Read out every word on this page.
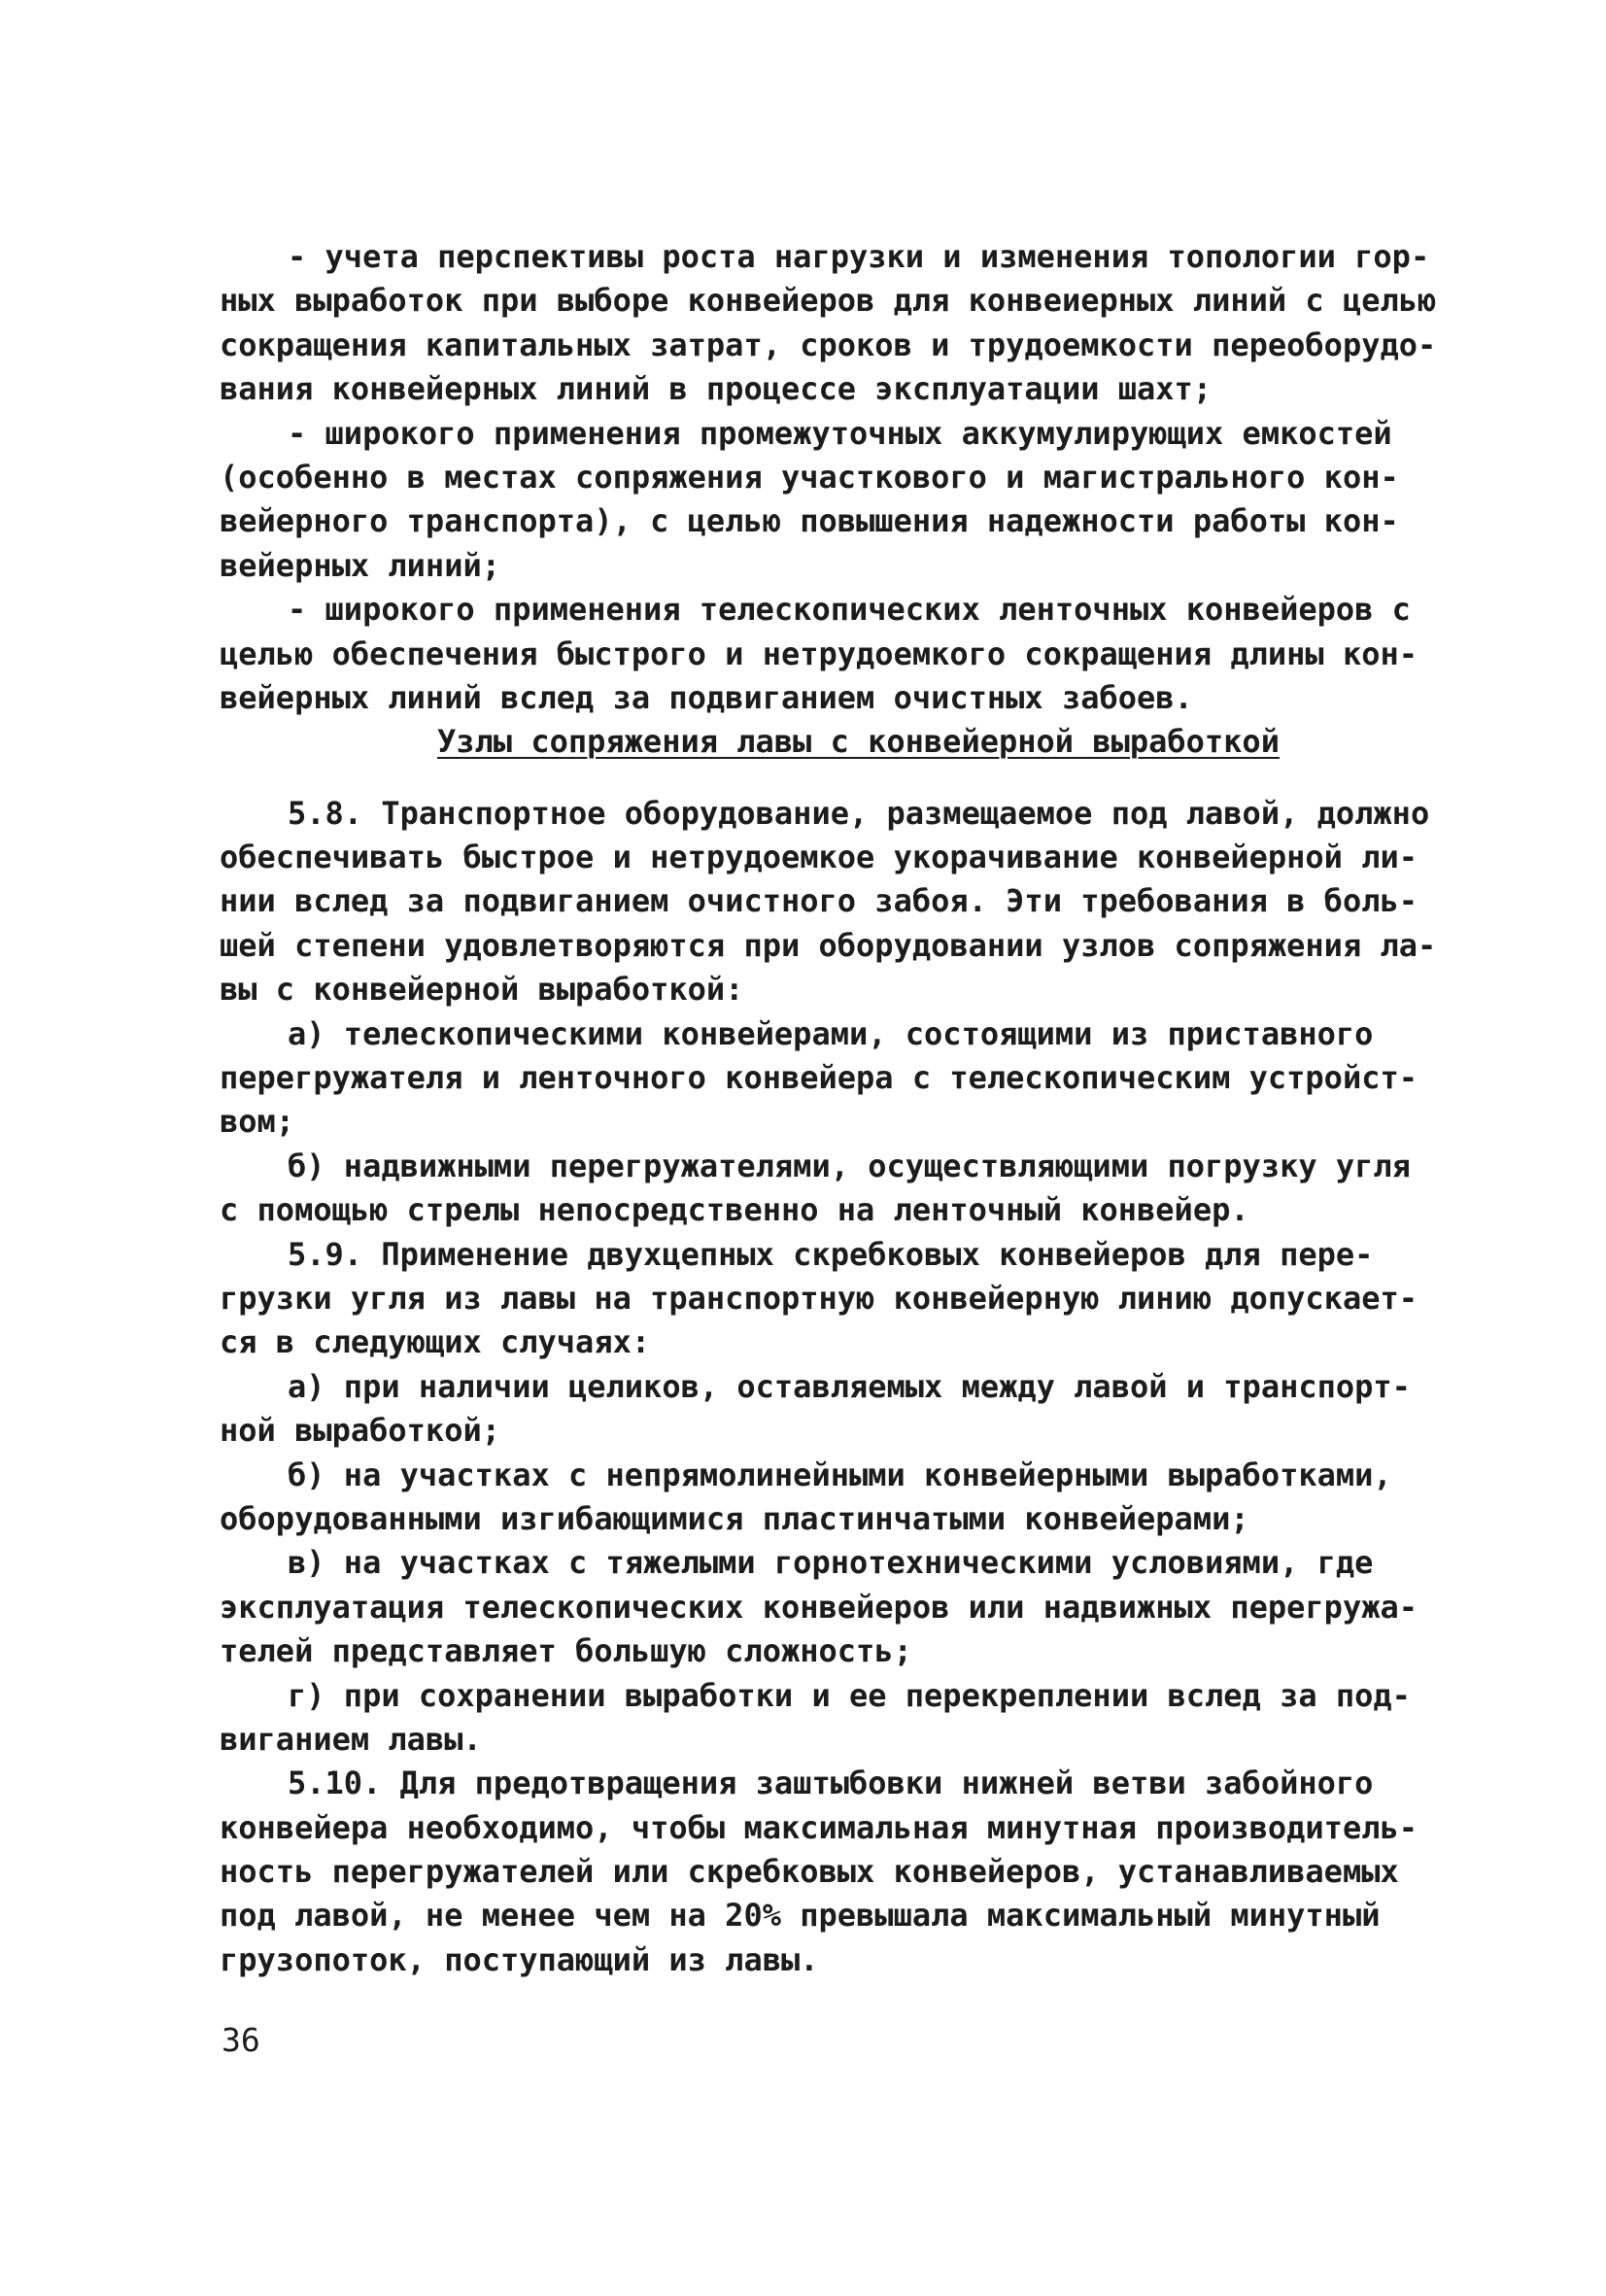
- учета перспективы роста нагрузки и изменения топологии гор-
ных выработок при выборе конвейеров для конвеиерных линий с целью
сокращения капитальных затрат, сроков и трудоемкости переоборудо-
вания конвейерных линий в процессе эксплуатации шахт;
- широкого применения промежуточных аккумулирующих емкостей
(особенно в местах сопряжения участкового и магистрального кон-
вейерного транспорта), с целью повышения надежности работы кон-
вейерных линий;
- широкого применения телескопических ленточных конвейеров с
целью обеспечения быстрого и нетрудоемкого сокращения длины кон-
вейерных линий вслед за подвиганием очистных забоев.
Узлы сопряжения лавы с конвейерной выработкой
5.8. Транспортное оборудование, размещаемое под лавой, должно
обеспечивать быстрое и нетрудоемкое укорачивание конвейерной ли-
нии вслед за подвиганием очистного забоя. Эти требования в боль-
шей степени удовлетворяются при оборудовании узлов сопряжения ла-
вы с конвейерной выработкой:
а) телескопическими конвейерами, состоящими из приставного
перегружателя и ленточного конвейера с телескопическим устройст-
вом;
б) надвижными перегружателями, осуществляющими погрузку угля
с помощью стрелы непосредственно на ленточный конвейер.
5.9. Применение двухцепных скребковых конвейеров для пере-
грузки угля из лавы на транспортную конвейерную линию допускает-
ся в следующих случаях:
а) при наличии целиков, оставляемых между лавой и транспорт-
ной выработкой;
б) на участках с непрямолинейными конвейерными выработками,
оборудованными изгибающимися пластинчатыми конвейерами;
в) на участках с тяжелыми горнотехническими условиями, где
эксплуатация телескопических конвейеров или надвижных перегружа-
телей представляет большую сложность;
г) при сохранении выработки и ее перекреплении вслед за под-
виганием лавы.
5.10. Для предотвращения заштыбовки нижней ветви забойного
конвейера необходимо, чтобы максимальная минутная производитель-
ность перегружателей или скребковых конвейеров, устанавливаемых
под лавой, не менее чем на 20% превышала максимальный минутный
грузопоток, поступающий из лавы.
36
